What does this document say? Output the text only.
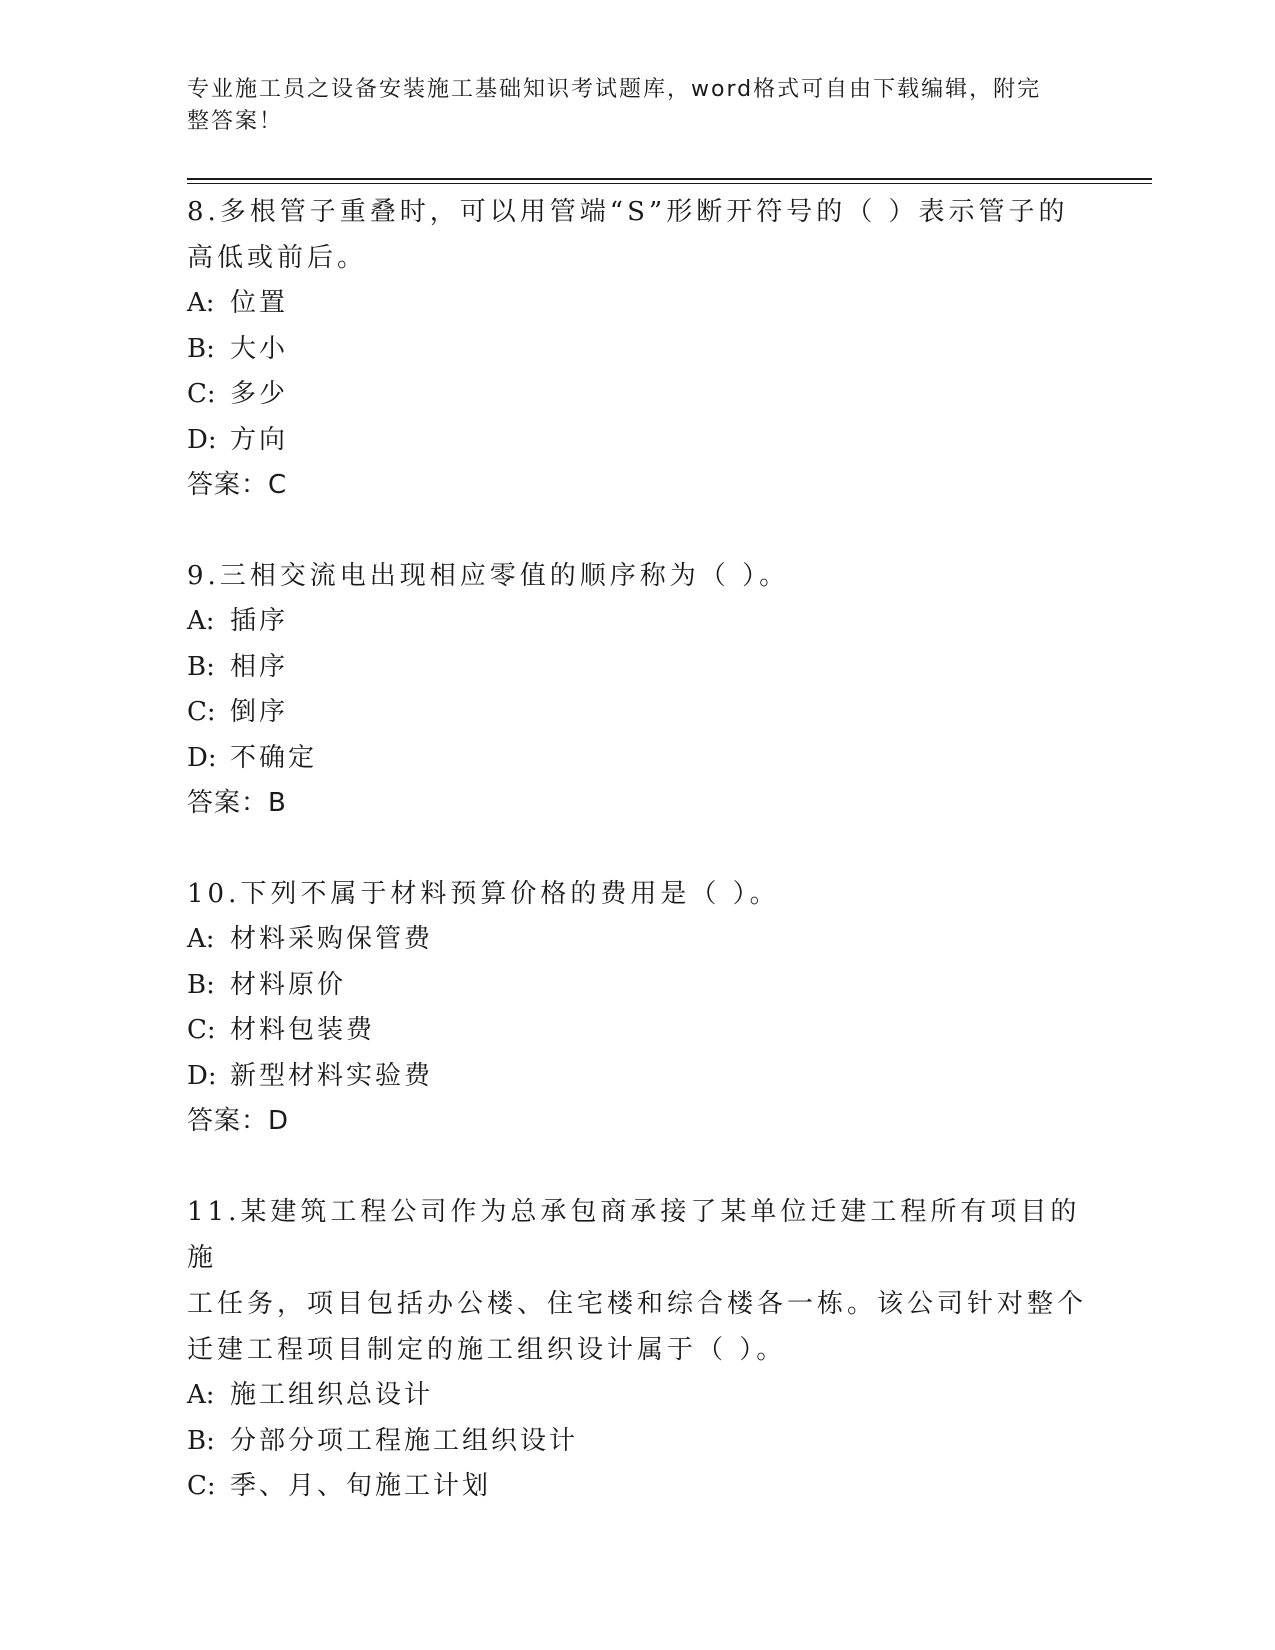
专业施工员之设备安装施工基础知识考试题库，word格式可自由下载编辑，附完
整答案！

8.多根管子重叠时，可以用管端“S”形断开符号的（ ）表示管子的

高低或前后。

A: 位置

B: 大小

C: 多少

D: 方向

答案：C

9.三相交流电出现相应零值的顺序称为（ ）。

A: 插序

B: 相序

C: 倒序

D: 不确定

答案：B

10.下列不属于材料预算价格的费用是（ ）。

A: 材料采购保管费

B: 材料原价

C: 材料包装费

D: 新型材料实验费

答案：D

11.某建筑工程公司作为总承包商承接了某单位迁建工程所有项目的施

工任务，项目包括办公楼、住宅楼和综合楼各一栋。该公司针对整个

迁建工程项目制定的施工组织设计属于（ ）。

A: 施工组织总设计

B: 分部分项工程施工组织设计

C: 季、月、旬施工计划
